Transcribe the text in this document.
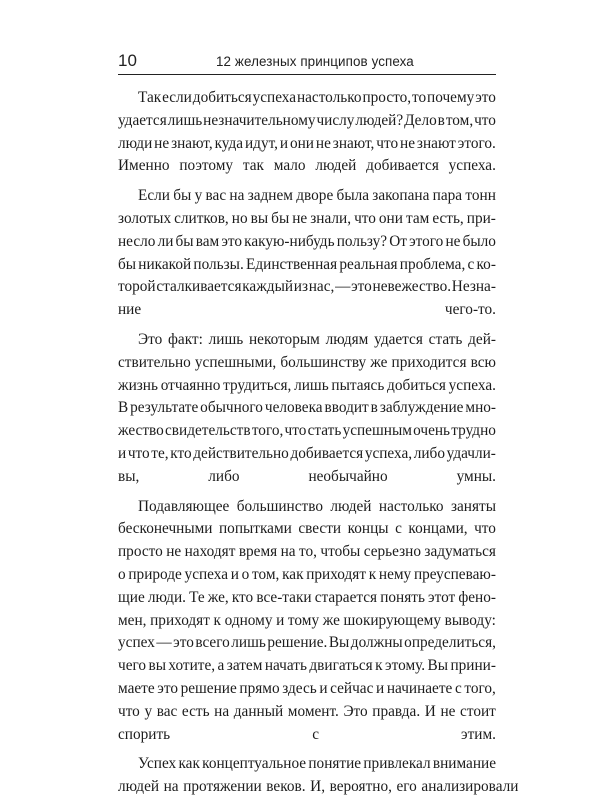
10	12 железных принципов успеха
Так если добиться успеха настолько просто, то почему это
удается лишь незначительному числу людей? Дело в том, что
люди не знают, куда идут, и они не знают, что не знают этого.
Именно поэтому так мало людей добивается успеха.
Если бы у вас на заднем дворе была закопана пара тонн
золотых слитков, но вы бы не знали, что они там есть, при-
несло ли бы вам это какую-нибудь пользу? От этого не было
бы никакой пользы. Единственная реальная проблема, с ко-
торой сталкивается каждый из нас, — это невежество. Незна-
ние	чего-то.
Это факт: лишь некоторым людям удается стать дей-
ствительно успешными, большинству же приходится всю
жизнь отчаянно трудиться, лишь пытаясь добиться успеха.
В результате обычного человека вводит в заблуждение мно-
жество свидетельств того, что стать успешным очень трудно
и что те, кто действительно добивается успеха, либо удачли-
вы,	либо	необычайно	умны.
Подавляющее большинство людей настолько заняты
бесконечными попытками свести концы с концами, что
просто не находят время на то, чтобы серьезно задуматься
о природе успеха и о том, как приходят к нему преуспеваю-
щие люди. Те же, кто все-таки старается понять этот фено-
мен, приходят к одному и тому же шокирующему выводу:
успех — это всего лишь решение. Вы должны определиться,
чего вы хотите, а затем начать двигаться к этому. Вы прини-
маете это решение прямо здесь и сейчас и начинаете с того,
что у вас есть на данный момент. Это правда. И не стоит
спорить	с	этим.
Успех как концептуальное понятие привлекал внимание
людей на протяжении веков. И, вероятно, его анализировали
